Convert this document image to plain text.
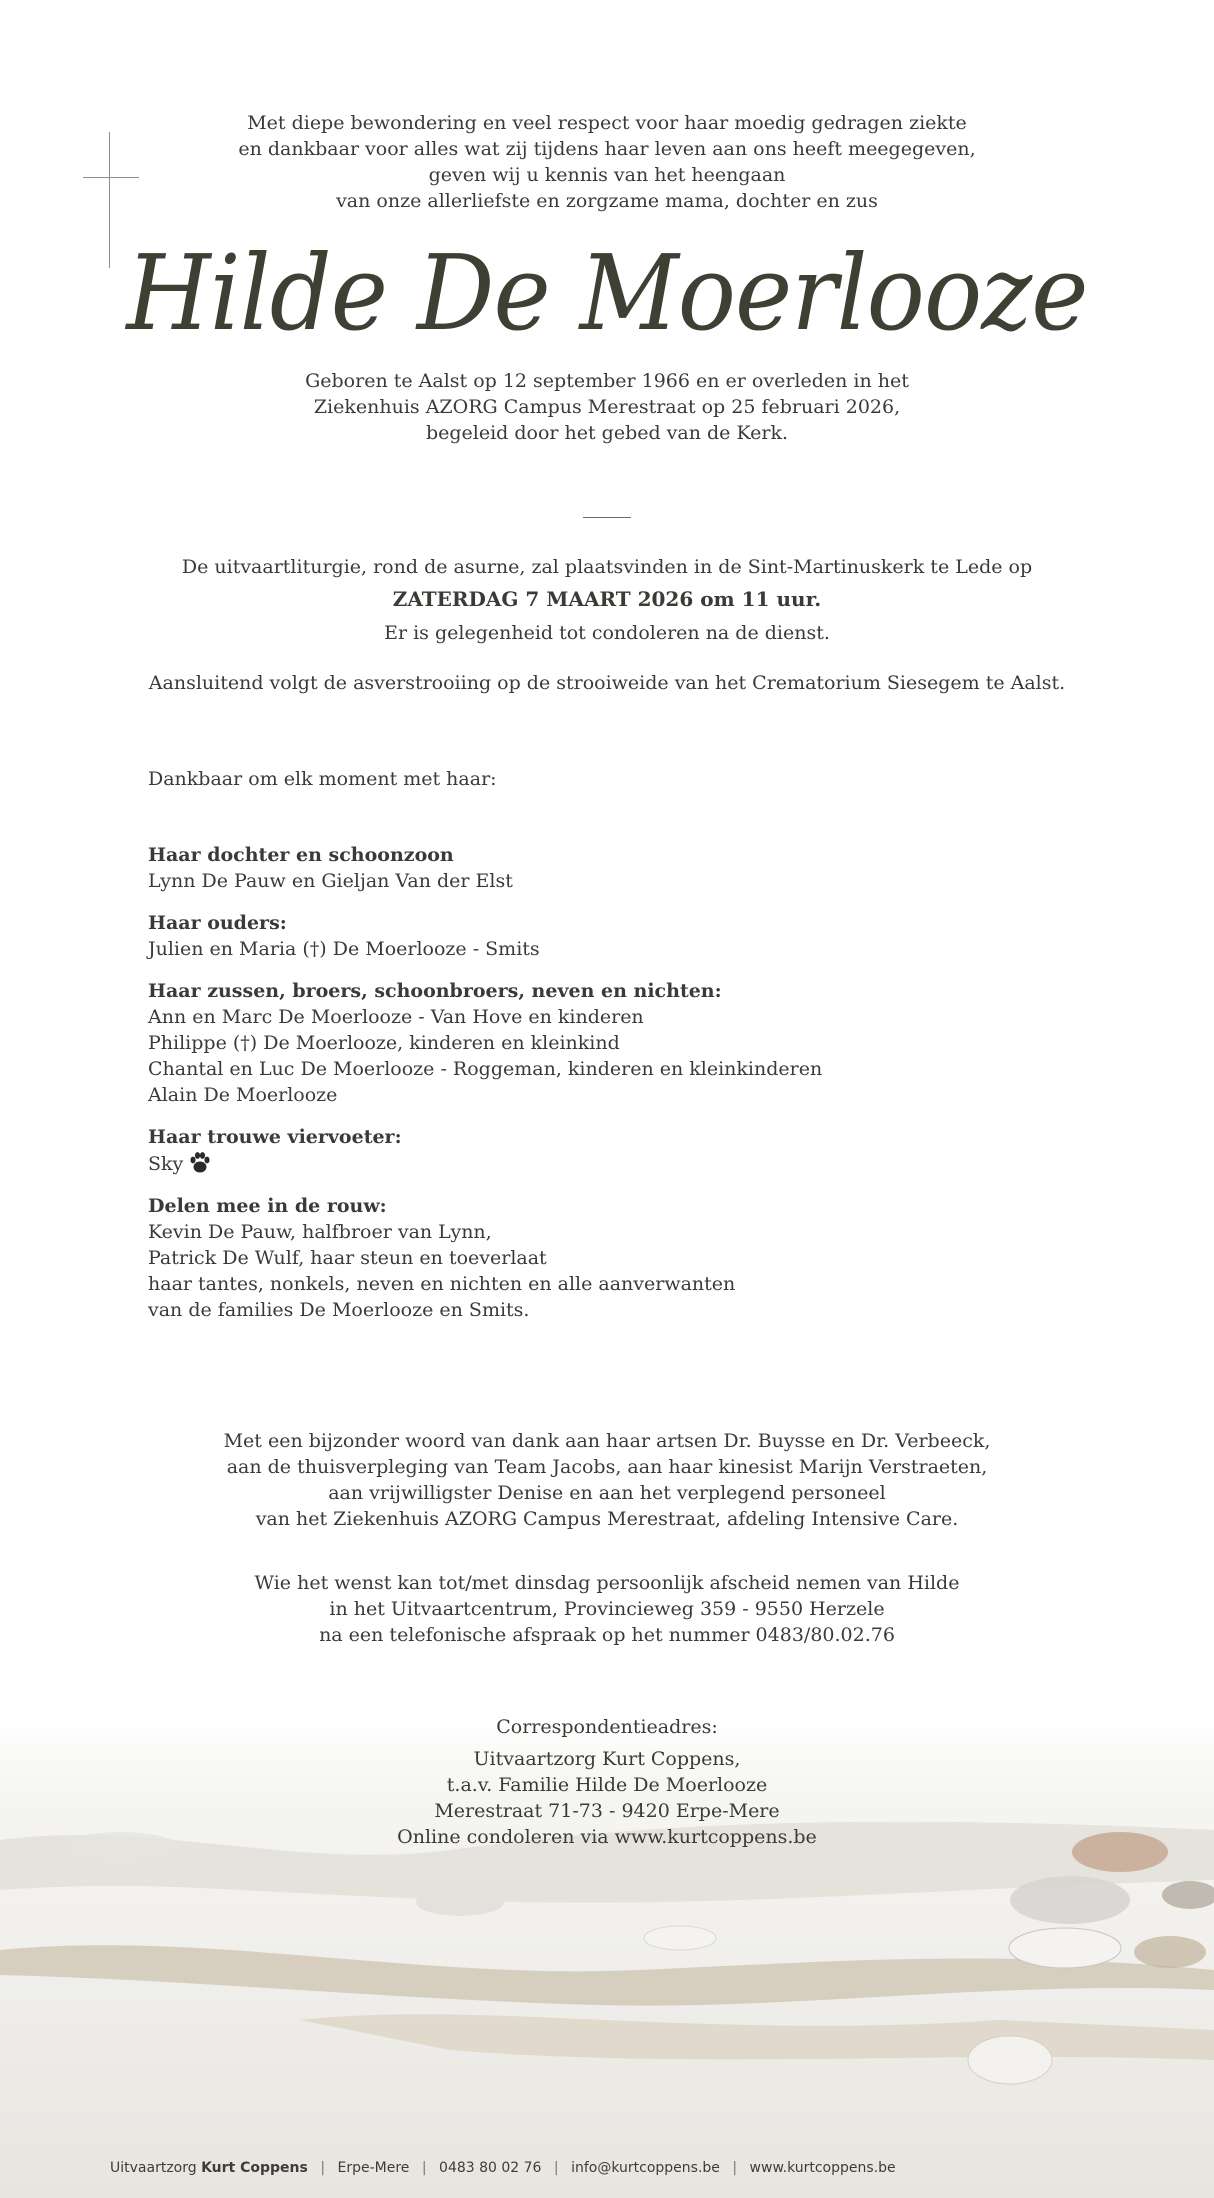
Met diepe bewondering en veel respect voor haar moedig gedragen ziekte
en dankbaar voor alles wat zij tijdens haar leven aan ons heeft meegegeven,
geven wij u kennis van het heengaan
van onze allerliefste en zorgzame mama, dochter en zus
Hilde De Moerlooze
Geboren te Aalst op 12 september 1966 en er overleden in het
Ziekenhuis AZORG Campus Merestraat op 25 februari 2026,
begeleid door het gebed van de Kerk.
De uitvaartliturgie, rond de asurne, zal plaatsvinden in de Sint-Martinuskerk te Lede op
ZATERDAG 7 MAART 2026 om 11 uur.
Er is gelegenheid tot condoleren na de dienst.
Aansluitend volgt de asverstrooiing op de strooiweide van het Crematorium Siesegem te Aalst.
Dankbaar om elk moment met haar:
Haar dochter en schoonzoon
Lynn De Pauw en Gieljan Van der Elst
Haar ouders:
Julien en Maria (†) De Moerlooze - Smits
Haar zussen, broers, schoonbroers, neven en nichten:
Ann en Marc De Moerlooze - Van Hove en kinderen
Philippe (†) De Moerlooze, kinderen en kleinkind
Chantal en Luc De Moerlooze - Roggeman, kinderen en kleinkinderen
Alain De Moerlooze
Haar trouwe viervoeter:
Sky
Delen mee in de rouw:
Kevin De Pauw, halfbroer van Lynn,
Patrick De Wulf, haar steun en toeverlaat
haar tantes, nonkels, neven en nichten en alle aanverwanten
van de families De Moerlooze en Smits.
Met een bijzonder woord van dank aan haar artsen Dr. Buysse en Dr. Verbeeck,
aan de thuisverpleging van Team Jacobs, aan haar kinesist Marijn Verstraeten,
aan vrijwilligster Denise en aan het verplegend personeel
van het Ziekenhuis AZORG Campus Merestraat, afdeling Intensive Care.
Wie het wenst kan tot/met dinsdag persoonlijk afscheid nemen van Hilde
in het Uitvaartcentrum, Provincieweg 359 - 9550 Herzele
na een telefonische afspraak op het nummer 0483/80.02.76
Correspondentieadres:
Uitvaartzorg Kurt Coppens,
t.a.v. Familie Hilde De Moerlooze
Merestraat 71-73 - 9420 Erpe-Mere
Online condoleren via www.kurtcoppens.be
Uitvaartzorg Kurt Coppens | Erpe-Mere | 0483 80 02 76 | info@kurtcoppens.be | www.kurtcoppens.be
